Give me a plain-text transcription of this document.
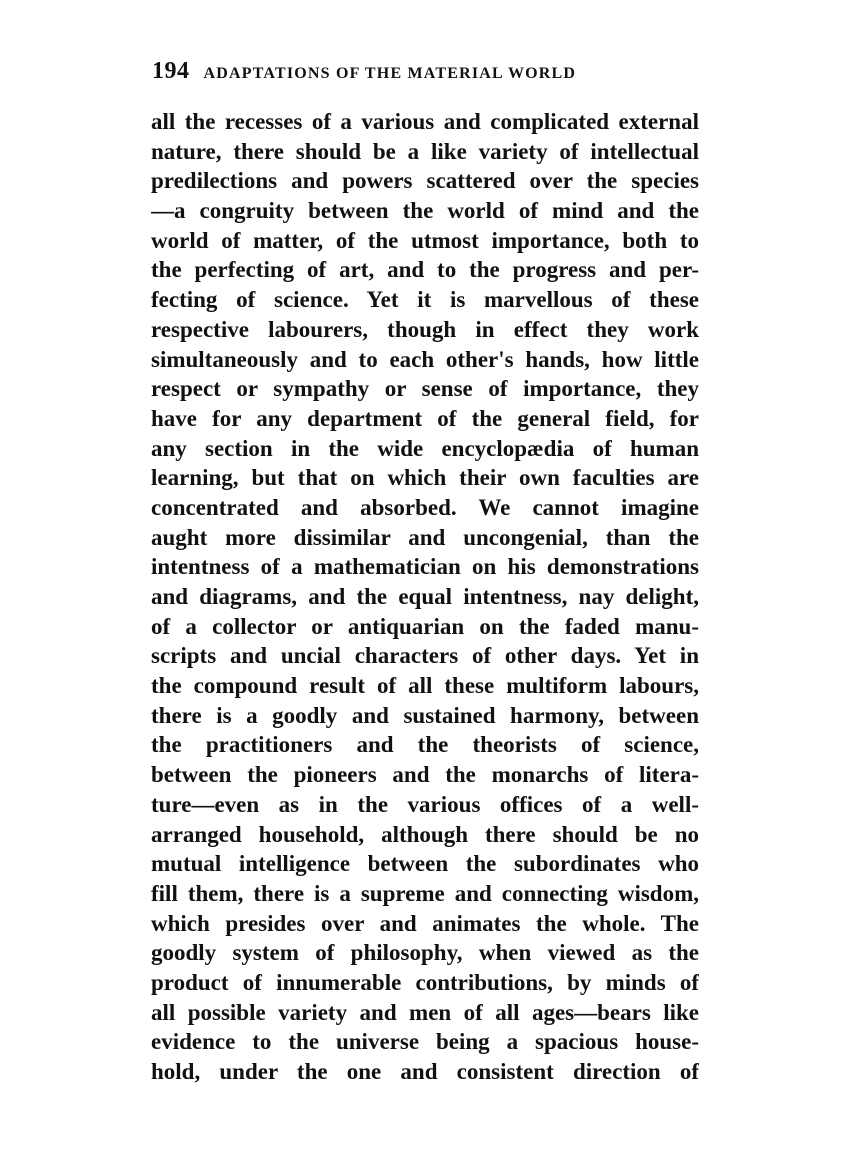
194 ADAPTATIONS OF THE MATERIAL WORLD
all the recesses of a various and complicated external
nature, there should be a like variety of intellectual
predilections and powers scattered over the species
—a congruity between the world of mind and the
world of matter, of the utmost importance, both to
the perfecting of art, and to the progress and per-
fecting of science. Yet it is marvellous of these
respective labourers, though in effect they work
simultaneously and to each other's hands, how little
respect or sympathy or sense of importance, they
have for any department of the general field, for
any section in the wide encyclopædia of human
learning, but that on which their own faculties are
concentrated and absorbed. We cannot imagine
aught more dissimilar and uncongenial, than the
intentness of a mathematician on his demonstrations
and diagrams, and the equal intentness, nay delight,
of a collector or antiquarian on the faded manu-
scripts and uncial characters of other days. Yet in
the compound result of all these multiform labours,
there is a goodly and sustained harmony, between
the practitioners and the theorists of science,
between the pioneers and the monarchs of litera-
ture—even as in the various offices of a well-
arranged household, although there should be no
mutual intelligence between the subordinates who
fill them, there is a supreme and connecting wisdom,
which presides over and animates the whole. The
goodly system of philosophy, when viewed as the
product of innumerable contributions, by minds of
all possible variety and men of all ages—bears like
evidence to the universe being a spacious house-
hold, under the one and consistent direction of
